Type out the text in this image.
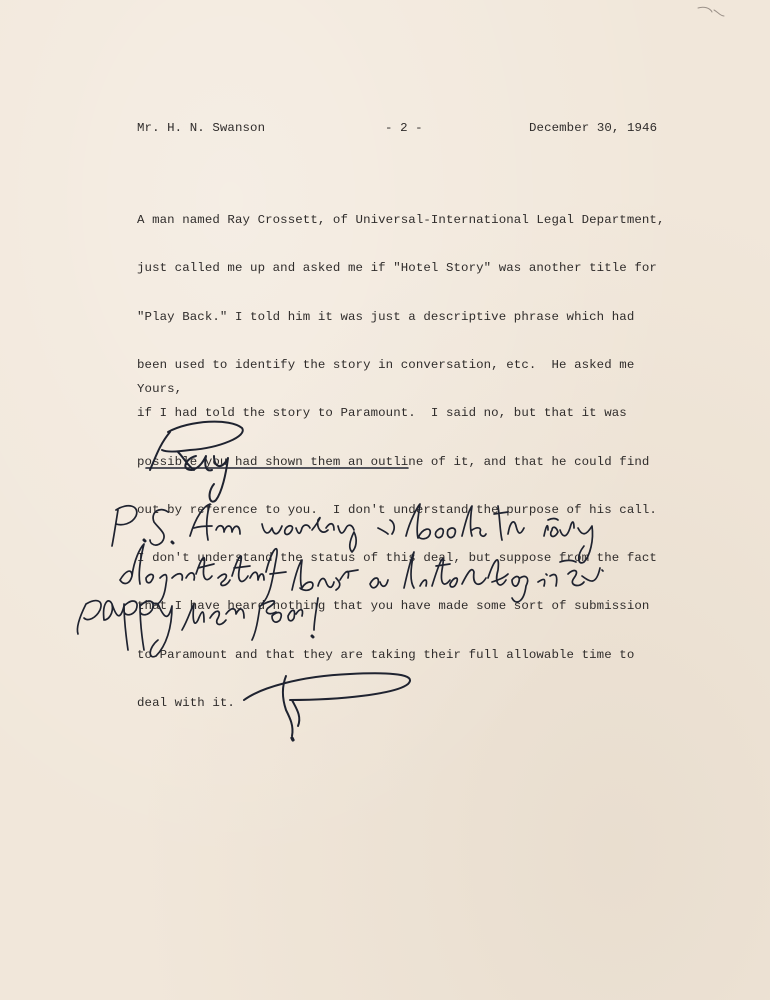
Mr. H. N. Swanson	- 2 -	December 30, 1946

A man named Ray Crossett, of Universal-International Legal Department,

just called me up and asked me if "Hotel Story" was another title for

"Play Back." I told him it was just a descriptive phrase which had

been used to identify the story in conversation, etc.  He asked me

if I had told the story to Paramount.  I said no, but that it was

possible you had shown them an outline of it, and that he could find

out by reference to you.  I don't understand the purpose of his call.

I don't understand the status of this deal, but suppose from the fact

that I have heard nothing that you have made some sort of submission

to Paramount and that they are taking their full allowable time to

deal with it.

Yours,
